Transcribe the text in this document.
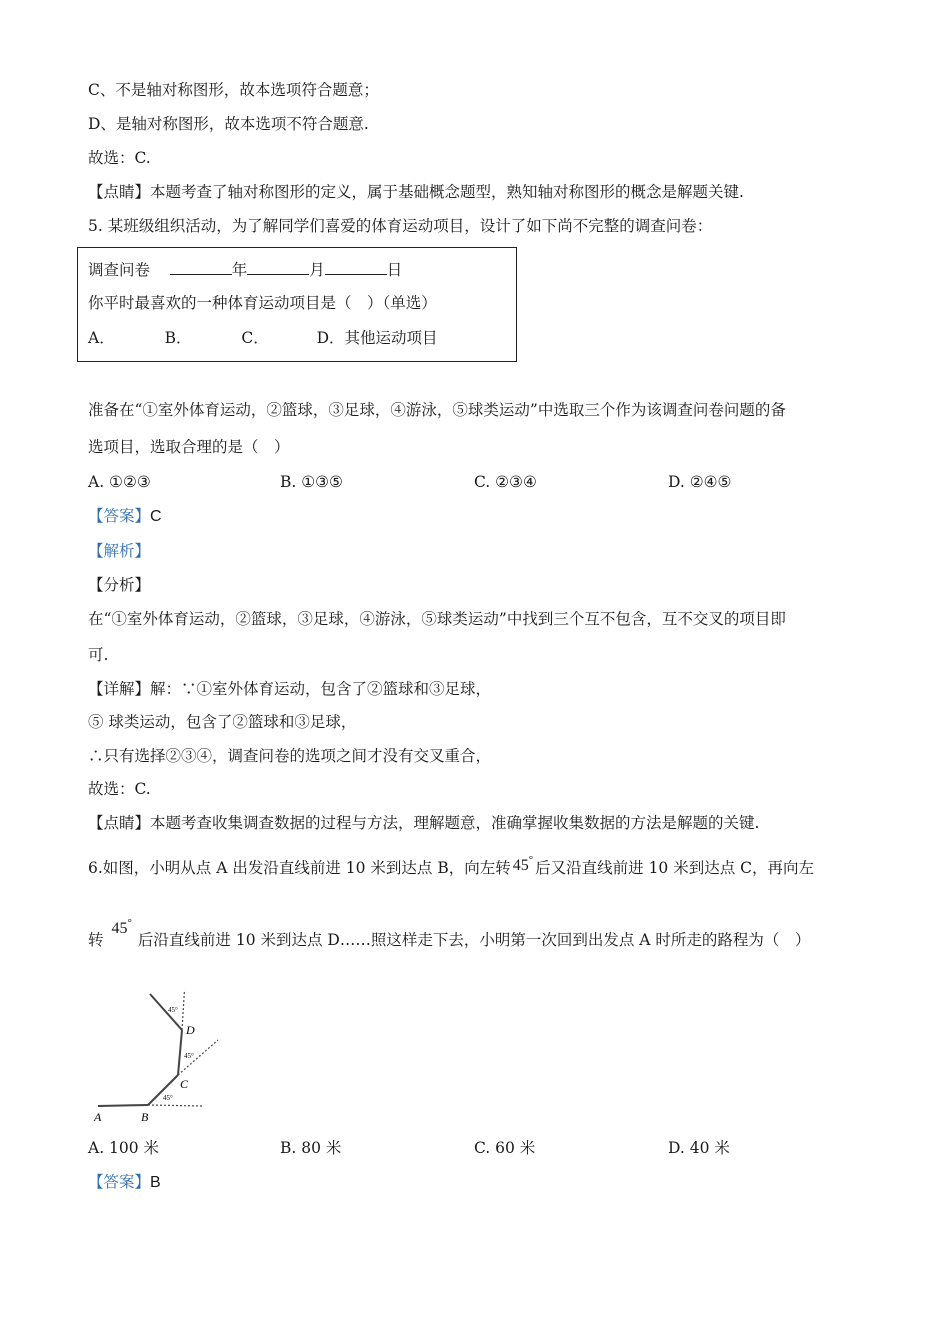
C、不是轴对称图形，故本选项符合题意；
D、是轴对称图形，故本选项不符合题意.
故选：C.
【点睛】本题考查了轴对称图形的定义，属于基础概念题型，熟知轴对称图形的概念是解题关键.
5. 某班级组织活动，为了解同学们喜爱的体育运动项目，设计了如下尚不完整的调查问卷：
调查问卷	年	月	日
你平时最喜欢的一种体育运动项目是（　）（单选）
A．	B．	C．	D．其他运动项目
准备在“①室外体育运动，②篮球，③足球，④游泳，⑤球类运动”中选取三个作为该调查问卷问题的备
选项目，选取合理的是（　）
A. ①②③	B. ①③⑤	C. ②③④	D. ②④⑤
【答案】C
【解析】
【分析】
在“①室外体育运动，②篮球，③足球，④游泳，⑤球类运动”中找到三个互不包含，互不交叉的项目即
可.
【详解】解：∵①室外体育运动，包含了②篮球和③足球，
⑤ 球类运动，包含了②篮球和③足球，
∴只有选择②③④，调查问卷的选项之间才没有交叉重合，
故选：C.
【点睛】本题考查收集调查数据的过程与方法，理解题意，准确掌握收集数据的方法是解题的关键.
6.如图，小明从点 A 出发沿直线前进 10 米到达点 B，向左转 45° 后又沿直线前进 10 米到达点 C，再向左
转45°后沿直线前进 10 米到达点 D……照这样走下去，小明第一次回到出发点 A 时所走的路程为（　）
A	B
C
D
45°
45°
45°
A. 100 米	B. 80 米	C. 60 米	D. 40 米
【答案】B
